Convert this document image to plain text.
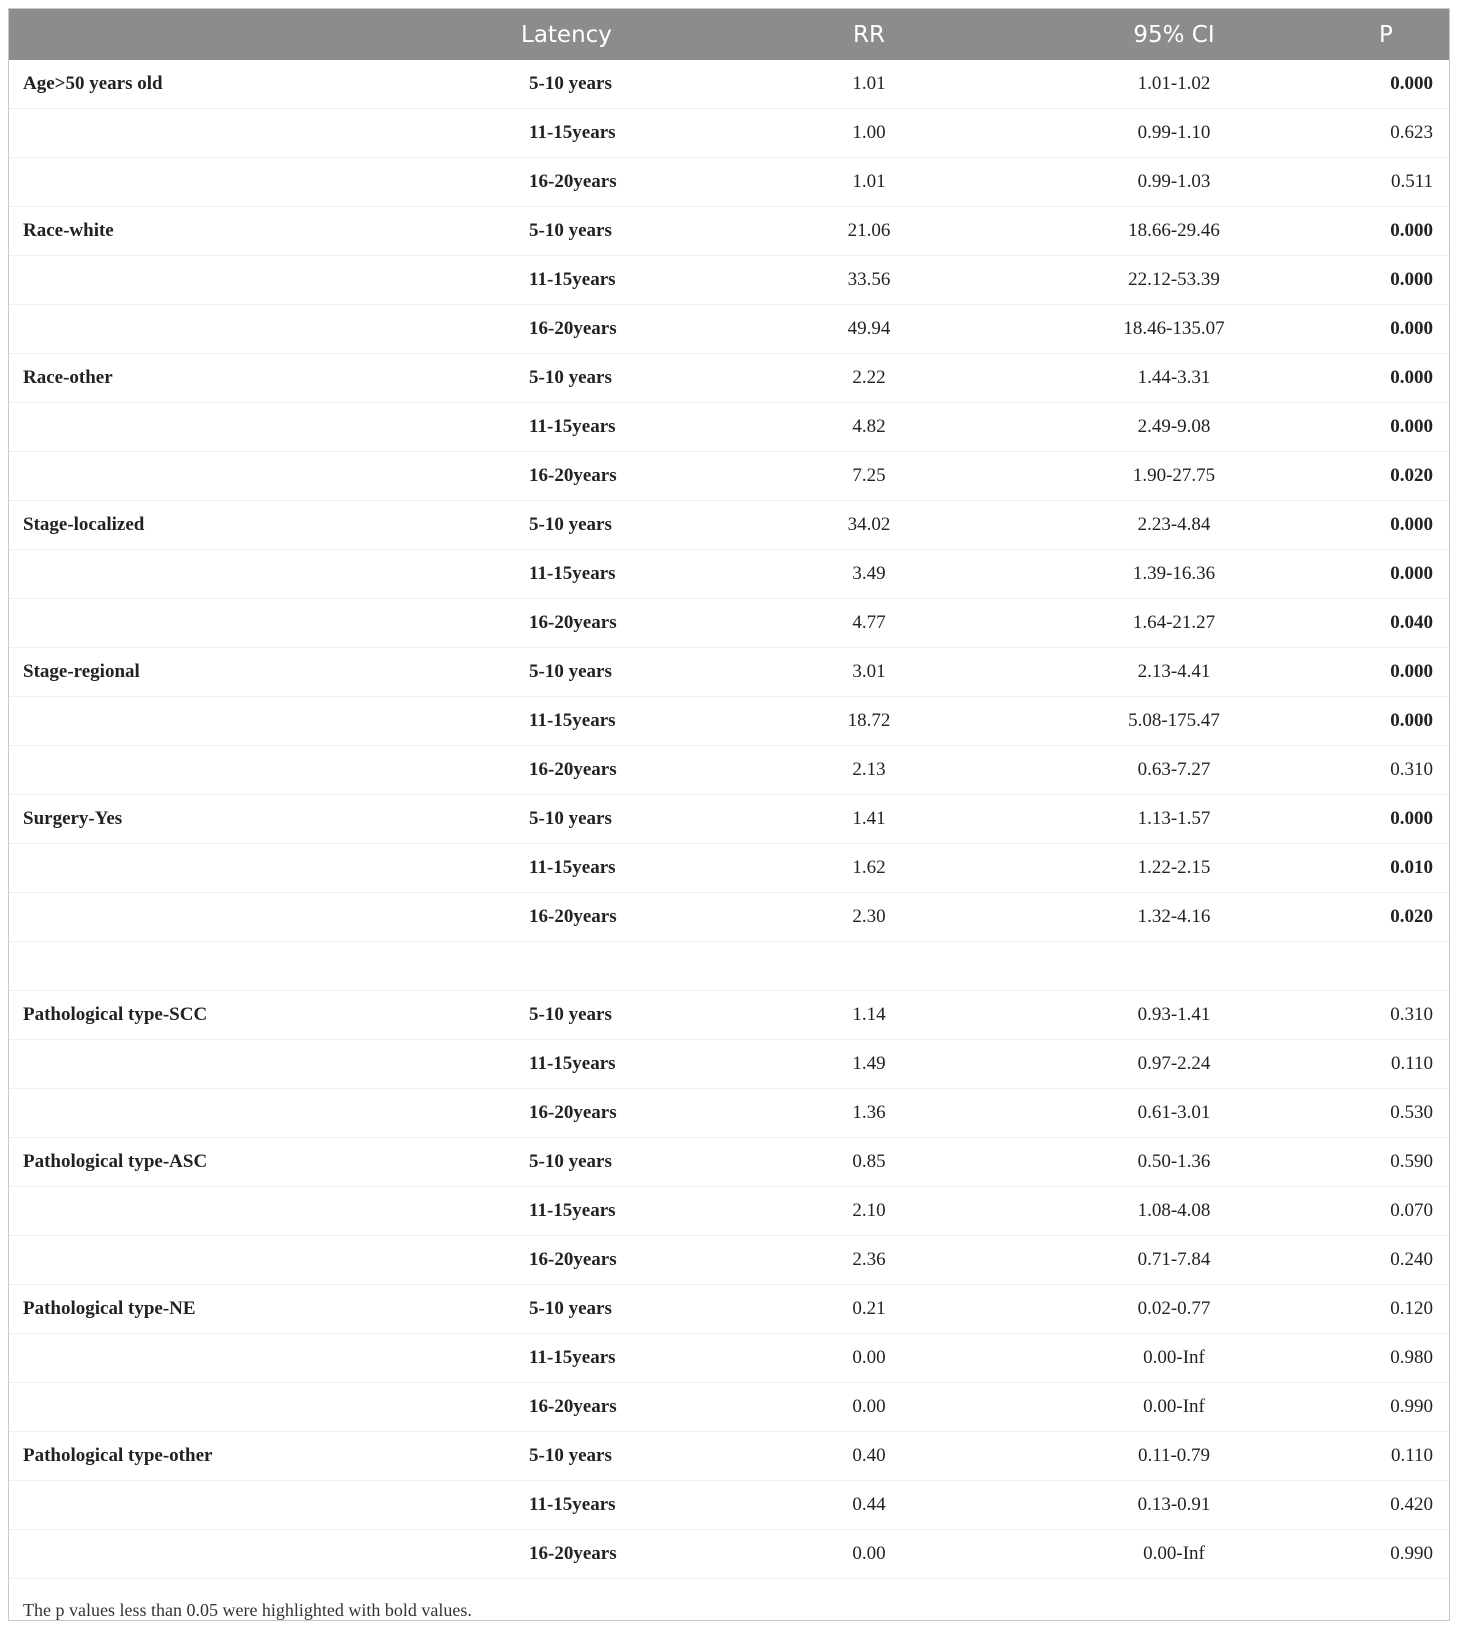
	Latency	RR	95% CI	P
Age>50 years old	5-10 years	1.01	1.01-1.02	0.000
	11-15years	1.00	0.99-1.10	0.623
	16-20years	1.01	0.99-1.03	0.511
Race-white	5-10 years	21.06	18.66-29.46	0.000
	11-15years	33.56	22.12-53.39	0.000
	16-20years	49.94	18.46-135.07	0.000
Race-other	5-10 years	2.22	1.44-3.31	0.000
	11-15years	4.82	2.49-9.08	0.000
	16-20years	7.25	1.90-27.75	0.020
Stage-localized	5-10 years	34.02	2.23-4.84	0.000
	11-15years	3.49	1.39-16.36	0.000
	16-20years	4.77	1.64-21.27	0.040
Stage-regional	5-10 years	3.01	2.13-4.41	0.000
	11-15years	18.72	5.08-175.47	0.000
	16-20years	2.13	0.63-7.27	0.310
Surgery-Yes	5-10 years	1.41	1.13-1.57	0.000
	11-15years	1.62	1.22-2.15	0.010
	16-20years	2.30	1.32-4.16	0.020

Pathological type-SCC	5-10 years	1.14	0.93-1.41	0.310
	11-15years	1.49	0.97-2.24	0.110
	16-20years	1.36	0.61-3.01	0.530
Pathological type-ASC	5-10 years	0.85	0.50-1.36	0.590
	11-15years	2.10	1.08-4.08	0.070
	16-20years	2.36	0.71-7.84	0.240
Pathological type-NE	5-10 years	0.21	0.02-0.77	0.120
	11-15years	0.00	0.00-Inf	0.980
	16-20years	0.00	0.00-Inf	0.990
Pathological type-other	5-10 years	0.40	0.11-0.79	0.110
	11-15years	0.44	0.13-0.91	0.420
	16-20years	0.00	0.00-Inf	0.990
The p values less than 0.05 were highlighted with bold values.
